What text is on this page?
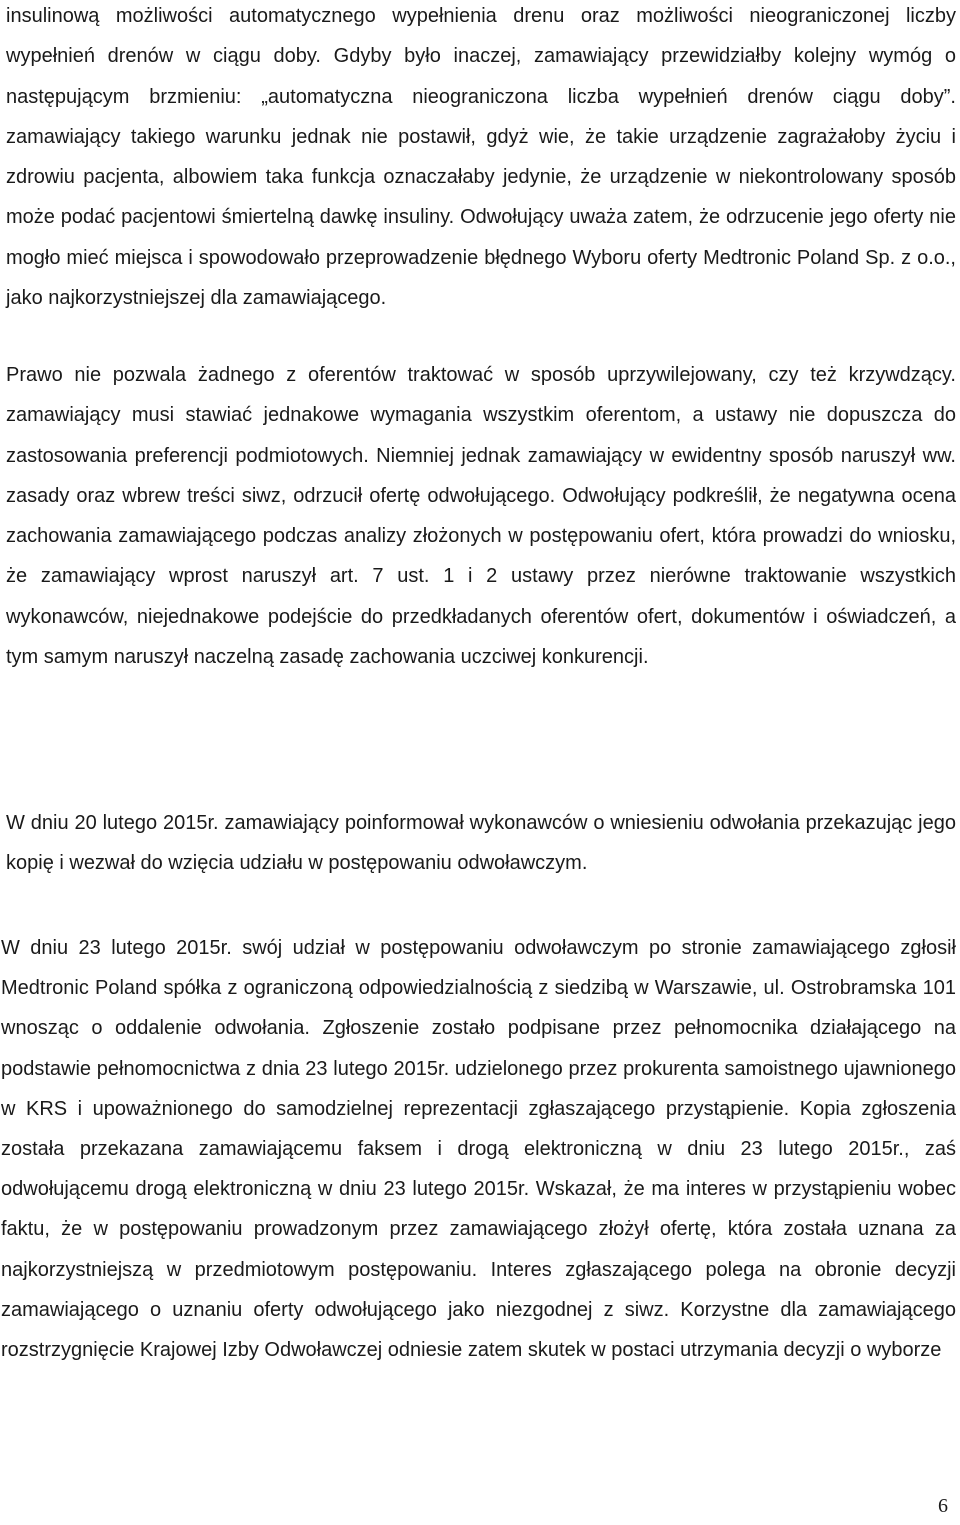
insulinową możliwości automatycznego wypełnienia drenu oraz możliwości nieograniczonej liczby wypełnień drenów w ciągu doby. Gdyby było inaczej, zamawiający przewidziałby kolejny wymóg o następującym brzmieniu: „automatyczna nieograniczona liczba wypełnień drenów ciągu doby”. zamawiający takiego warunku jednak nie postawił, gdyż wie, że takie urządzenie zagrażałoby życiu i zdrowiu pacjenta, albowiem taka funkcja oznaczałaby jedynie, że urządzenie w niekontrolowany sposób może podać pacjentowi śmiertelną dawkę insuliny. Odwołujący uważa zatem, że odrzucenie jego oferty nie mogło mieć miejsca i spowodowało przeprowadzenie błędnego Wyboru oferty Medtronic Poland Sp. z o.o., jako najkorzystniejszej dla zamawiającego.

Prawo nie pozwala żadnego z oferentów traktować w sposób uprzywilejowany, czy też krzywdzący. zamawiający musi stawiać jednakowe wymagania wszystkim oferentom, a ustawy nie dopuszcza do zastosowania preferencji podmiotowych. Niemniej jednak zamawiający w ewidentny sposób naruszył ww. zasady oraz wbrew treści siwz, odrzucił ofertę odwołującego. Odwołujący podkreślił, że negatywna ocena zachowania zamawiającego podczas analizy złożonych w postępowaniu ofert, która prowadzi do wniosku, że zamawiający wprost naruszył art. 7 ust. 1 i 2 ustawy przez nierówne traktowanie wszystkich wykonawców, niejednakowe podejście do przedkładanych oferentów ofert, dokumentów i oświadczeń, a tym samym naruszył naczelną zasadę zachowania uczciwej konkurencji.

W dniu 20 lutego 2015r. zamawiający poinformował wykonawców o wniesieniu odwołania przekazując jego kopię i wezwał do wzięcia udziału w postępowaniu odwoławczym.

W dniu 23 lutego 2015r. swój udział w postępowaniu odwoławczym po stronie zamawiającego zgłosił Medtronic Poland spółka z ograniczoną odpowiedzialnością z siedzibą w Warszawie, ul. Ostrobramska 101 wnosząc o oddalenie odwołania. Zgłoszenie zostało podpisane przez pełnomocnika działającego na podstawie pełnomocnictwa z dnia 23 lutego 2015r. udzielonego przez prokurenta samoistnego ujawnionego w KRS i upoważnionego do samodzielnej reprezentacji zgłaszającego przystąpienie. Kopia zgłoszenia została przekazana zamawiającemu faksem i drogą elektroniczną w dniu 23 lutego 2015r., zaś odwołującemu drogą elektroniczną w dniu 23 lutego 2015r. Wskazał, że ma interes w przystąpieniu wobec faktu, że w postępowaniu prowadzonym przez zamawiającego złożył ofertę, która została uznana za najkorzystniejszą w przedmiotowym postępowaniu. Interes zgłaszającego polega na obronie decyzji zamawiającego o uznaniu oferty odwołującego jako niezgodnej z siwz. Korzystne dla zamawiającego rozstrzygnięcie Krajowej Izby Odwoławczej odniesie zatem skutek w postaci utrzymania decyzji o wyborze

6
